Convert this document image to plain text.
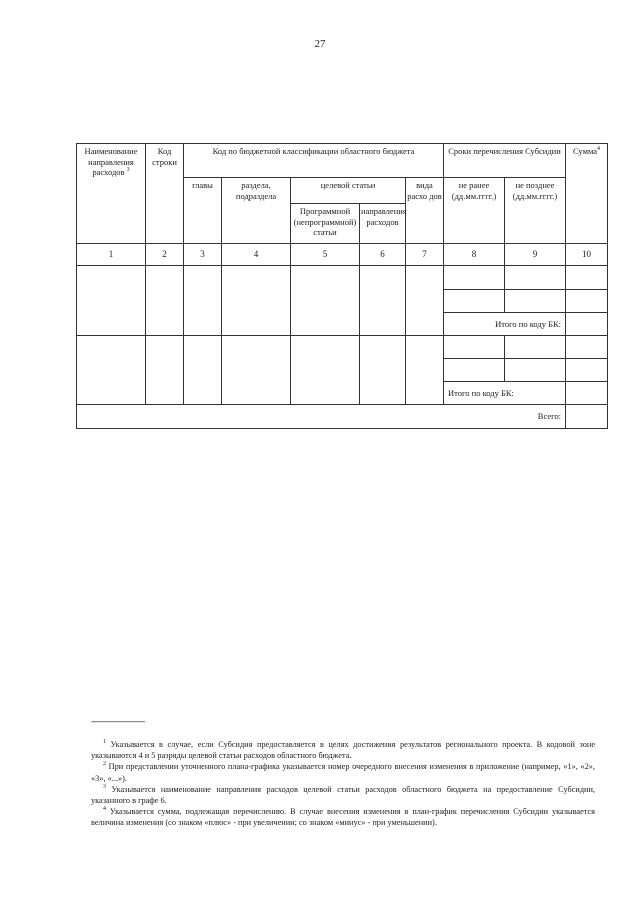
27
Наименование направления расходов $^3$	Код строки	Код по бюджетной классификации областного бюджета					Сроки перечисления Субсидии		Сумма$^4$
		главы	раздела, подраздела	целевой статьи		вида расхо дов	не ранее (дд.мм.гггг.)	не позднее (дд.мм.гггг.)	
				Программной (непрограммной) статьи	направления расходов				
1	2	3	4	5	6	7	8	9	10

							Итого по коду БК:		

							Итого по коду БК:		
Всего:									
--------------------------------

$^1$ Указывается в случае, если Субсидия предоставляется в целях достижения результатов регионального проекта. В кодовой зоне указываются 4 и 5 разряды целевой статьи расходов областного бюджета.

$^2$ При представлении уточненного плана-графика указывается номер очередного внесения изменения в приложение (например, «1», «2», «3», «...»).

$^3$ Указывается наименование направления расходов целевой статьи расходов областного бюджета на предоставление Субсидии, указанного в графе 6.

$^4$ Указывается сумма, подлежащая перечислению. В случае внесения изменения в план-график перечисления Субсидии указывается величина изменения (со знаком «плюс» - при увеличении; со знаком «минус» - при уменьшении).
